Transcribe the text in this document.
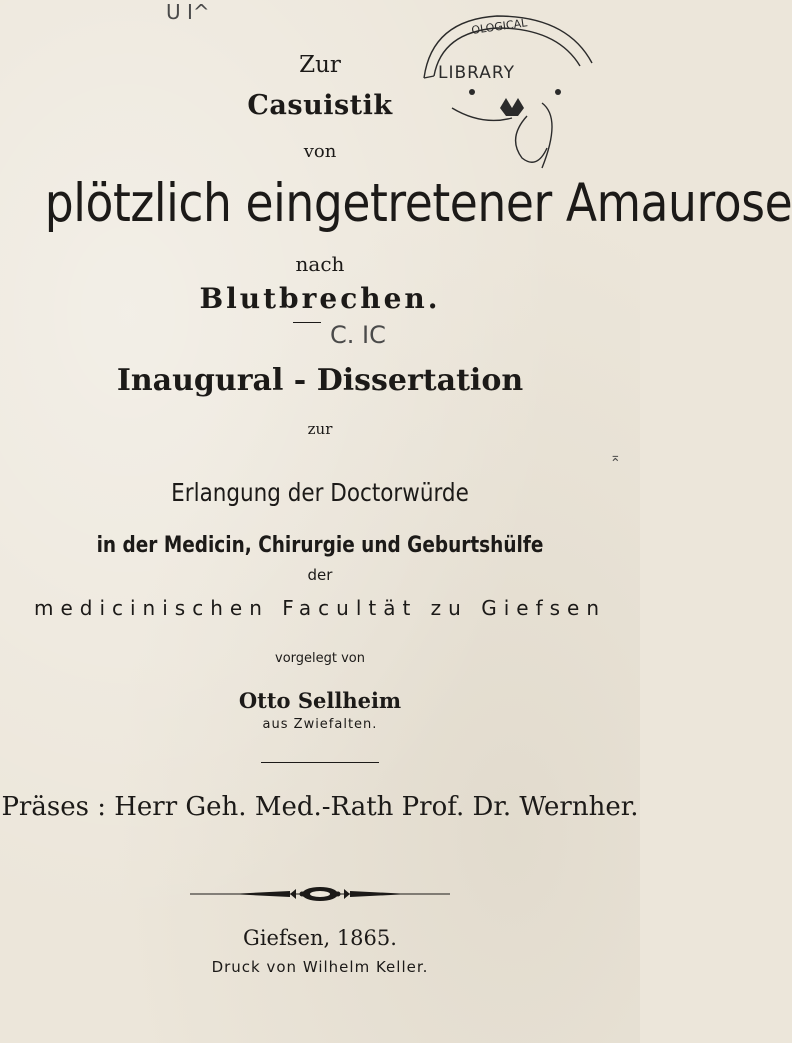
U I^

C. IC

⌅

OLOGICAL
LIBRARY

Zur

Casuistik

von

plötzlich eingetretener Amaurose

nach

Blutbrechen.

Inaugural - Dissertation

zur

Erlangung der Doctorwürde

in der Medicin, Chirurgie und Geburtshülfe

der

medicinischen Facultät zu Giefsen

vorgelegt von

Otto Sellheim

aus Zwiefalten.

Präses : Herr Geh. Med.-Rath Prof. Dr. Wernher.

Giefsen, 1865.

Druck von Wilhelm Keller.
